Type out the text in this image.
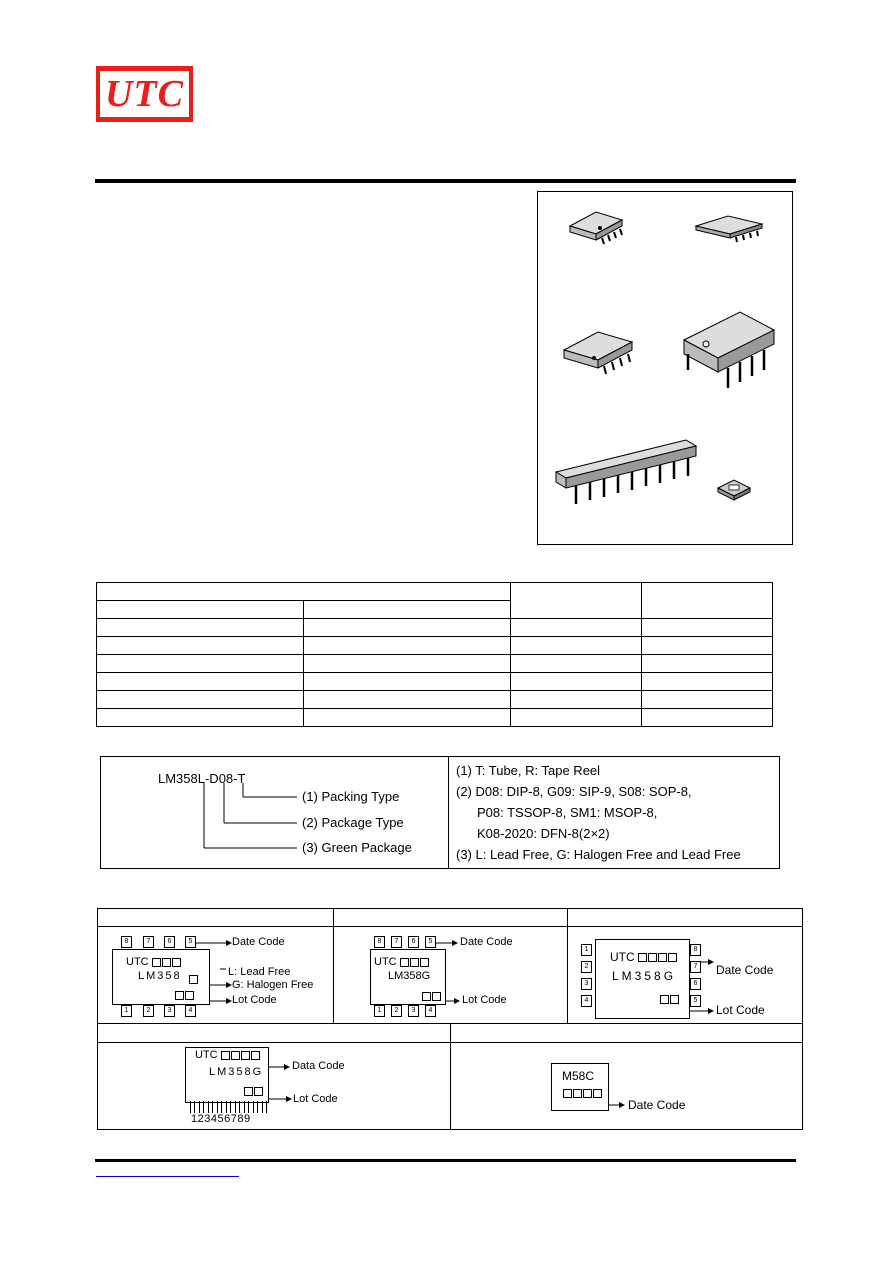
UTC

LM358L-D08-T
(1) Packing Type
(2) Package Type
(3) Green Package
(1) T: Tube, R: Tape Reel
(2) D08: DIP-8, G09: SIP-9, S08: SOP-8,
P08: TSSOP-8, SM1: MSOP-8,
K08-2020: DFN-8(2×2)
(3) L: Lead Free, G: Halogen Free and Lead Free
8	7	6	5
1	2	3	4
UTC
LM358
Date Code
L: Lead Free
G: Halogen Free
Lot Code
8	7	6	5
1	2	3	4
UTC
LM358G
Date Code
Lot Code
1
2
3
4
8
7
6
5
UTC
LM358G	Date Code
Lot Code
UTC
LM358G
123456789
Data Code
Lot Code
M58C
Date Code
